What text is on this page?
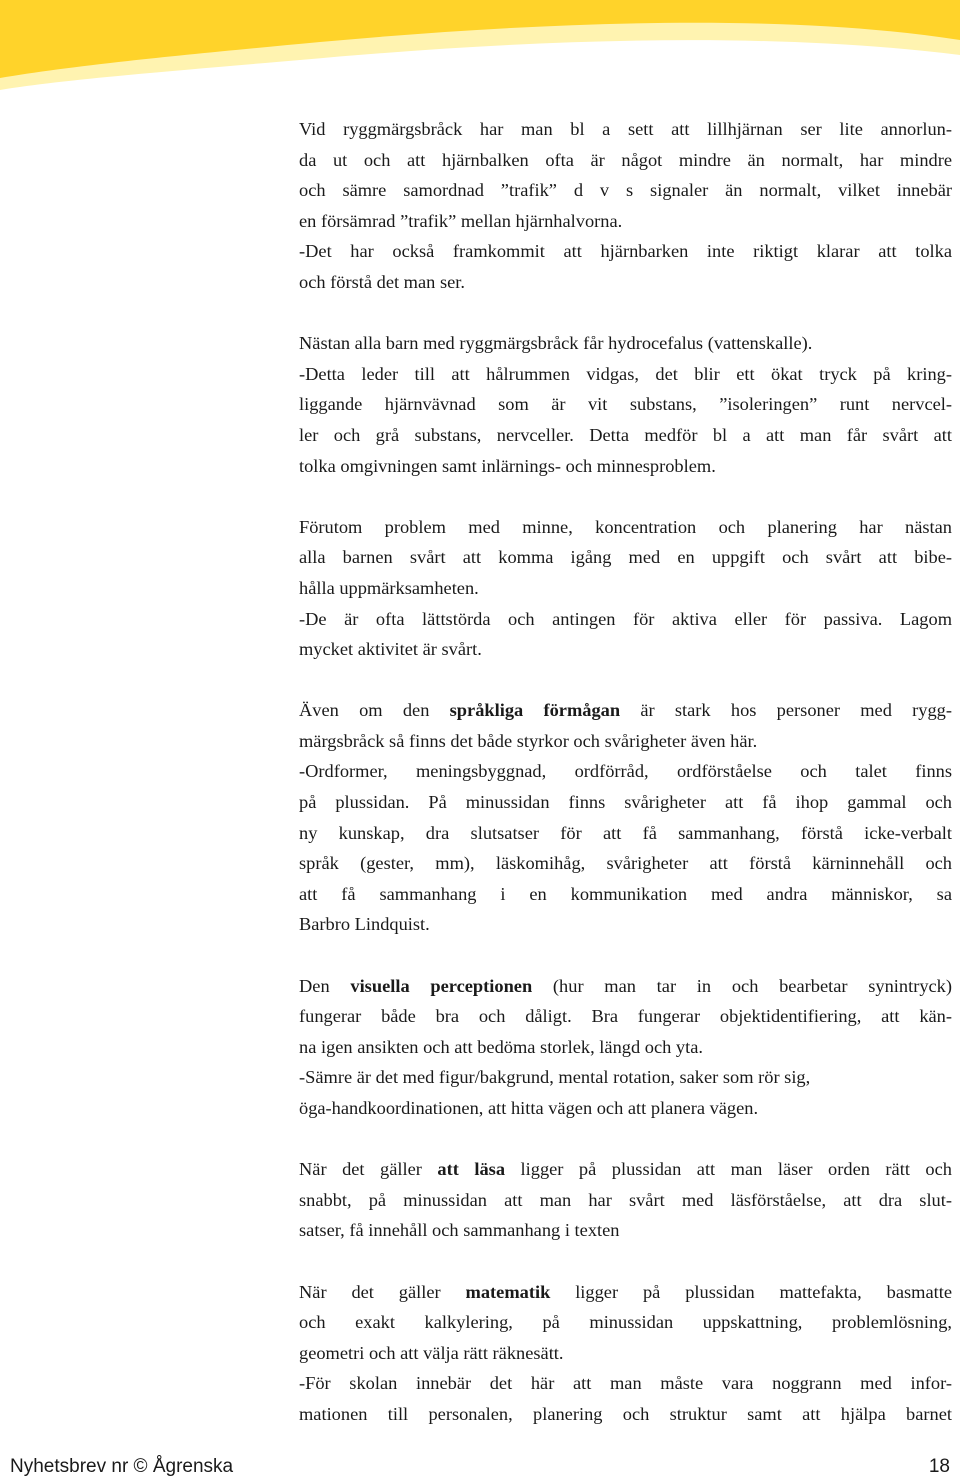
Vid ryggmärgsbråck har man bl a sett att lillhjärnan ser lite annorlun-
da ut och att hjärnbalken ofta är något mindre än normalt, har mindre
och sämre samordnad ”trafik” d v s signaler än normalt, vilket innebär
en försämrad ”trafik” mellan hjärnhalvorna.
-Det har också framkommit att hjärnbarken inte riktigt klarar att tolka
och förstå det man ser.

Nästan alla barn med ryggmärgsbråck får hydrocefalus (vattenskalle).
-Detta leder till att hålrummen vidgas, det blir ett ökat tryck på kring-
liggande hjärnvävnad som är vit substans, ”isoleringen” runt nervcel-
ler och grå substans, nervceller. Detta medför bl a att man får svårt att
tolka omgivningen samt inlärnings- och minnesproblem.

Förutom problem med minne, koncentration och planering har nästan
alla barnen svårt att komma igång med en uppgift och svårt att bibe-
hålla uppmärksamheten.
-De är ofta lättstörda och antingen för aktiva eller för passiva. Lagom
mycket aktivitet är svårt.

Även om den språkliga förmågan är stark hos personer med rygg-
märgsbråck så finns det både styrkor och svårigheter även här.
-Ordformer, meningsbyggnad, ordförråd, ordförståelse och talet finns
på plussidan. På minussidan finns svårigheter att få ihop gammal och
ny kunskap, dra slutsatser för att få sammanhang, förstå icke-verbalt
språk (gester, mm), läskomihåg, svårigheter att förstå kärninnehåll och
att få sammanhang i en kommunikation med andra människor, sa
Barbro Lindquist.

Den visuella perceptionen (hur man tar in och bearbetar synintryck)
fungerar både bra och dåligt. Bra fungerar objektidentifiering, att kän-
na igen ansikten och att bedöma storlek, längd och yta.
-Sämre är det med figur/bakgrund, mental rotation, saker som rör sig,
öga-handkoordinationen, att hitta vägen och att planera vägen.

När det gäller att läsa ligger på plussidan att man läser orden rätt och
snabbt, på minussidan att man har svårt med läsförståelse, att dra slut-
satser, få innehåll och sammanhang i texten

När det gäller matematik ligger på plussidan mattefakta, basmatte
och exakt kalkylering, på minussidan uppskattning, problemlösning,
geometri och att välja rätt räknesätt.
-För skolan innebär det här att man måste vara noggrann med infor-
mationen till personalen, planering och struktur samt att hjälpa barnet

Nyhetsbrev nr © Ågrenska	18
